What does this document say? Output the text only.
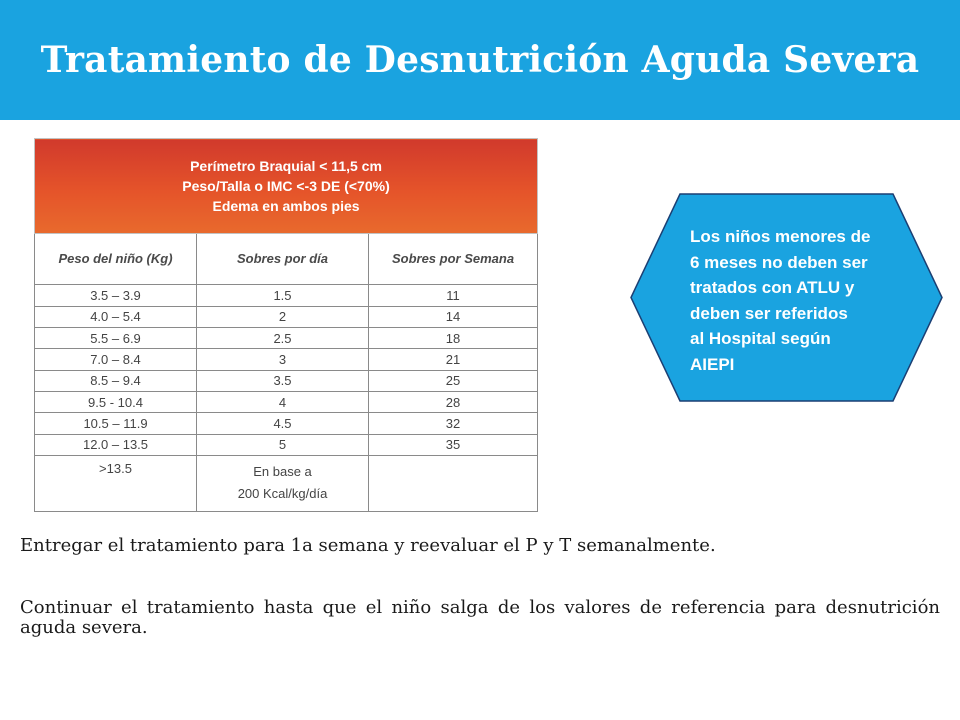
Tratamiento de Desnutrición Aguda Severa
Perímetro Braquial < 11,5 cm
Peso/Talla o IMC <-3 DE (<70%)
Edema en ambos pies		

Peso del niño (Kg)	Sobres por día	Sobres por Semana
3.5 – 3.9	1.5	11
4.0 – 5.4	2	14
5.5 – 6.9	2.5	18
7.0 – 8.4	3	21
8.5 – 9.4	3.5	25
9.5 - 10.4	4	28
10.5 – 11.9	4.5	32
12.0 – 13.5	5	35
>13.5	En base a
200 Kcal/kg/día	

Los niños menores de
6 meses no deben ser
tratados con ATLU y
deben ser referidos
al Hospital según
AIEPI

Entregar el tratamiento para 1a semana y reevaluar el P y T semanalmente.

Continuar el tratamiento hasta que el niño salga de los valores de referencia para desnutrición aguda severa.
